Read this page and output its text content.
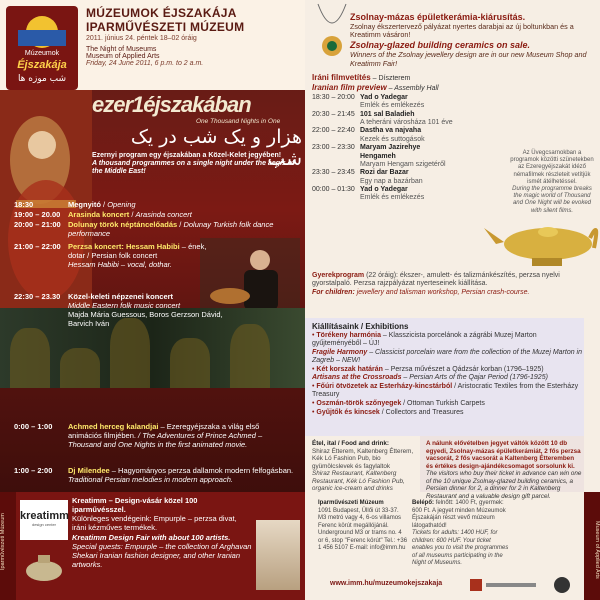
Múzeumok
Éjszakája
شب موزه ها
MÚZEUMOK ÉJSZAKÁJA
IPARMŰVÉSZETI MÚZEUM
2011. június 24. péntek 18–02 óráig
The Night of Museums
Museum of Applied Arts
Friday, 24 June 2011, 6 p.m. to 2 a.m.
ezer1éjszakában
One Thousand Nights in One
هزار و یک شب در یک شب
Ezernyi program egy éjszakában a Közel-Kelet jegyében!
A thousand programmes on a single night under the aegis of the Middle East!
18:30	Megnyitó / Opening
19:00 – 20.00 Arasinda koncert / Arasinda concert
20:00 – 21:00 Dolunay török néptáncelőadás / Dolunay Turkish folk dance performance
21:00 – 22:00 Perzsa koncert: Hessam Habibi – ének, dotar / Persian folk concert
Hessam Habibi – vocal, dothar.
22:30 – 23.30 Közel-keleti népzenei koncert
Middle Eastern folk music concert
Majda Mária Guessous, Boros Gerzson Dávid, Barvich Iván
0:00 – 1:00 Achmed herceg kalandjai – Ezeregyéjszaka a világ első animációs filmjében. / The Adventures of Prince Achmed – Thousand and One Nights in the first animated movie.
1:00 – 2:00 Dj Milendee – Hagyományos perzsa dallamok modern felfogásban.
Traditional Persian melodies in modern approach.
Iparművészeti Múzeum	kreatimm
design center
Kreatimm – Design-vásár közel 100 iparművésszel.
Különleges vendégeink: Empurple – perzsa divat, iráni kézműves termékek.
Kreatimm Design Fair with about 100 artists.
Special guests: Empurple – the collection of Arghavan Shekari Iranian fashion designer, and other Iranian artworks.
Zsolnay-mázas épületkerámia-kiárusítás.
Zsolnay ékszertervező pályázat nyertes darabjai az új boltunkban és a Kreatimm vásáron!
Zsolnay-glazed building ceramics on sale.
Winners of the Zsolnay jewellery design are in our new Museum Shop and Kreatimm Fair!
Iráni filmvetítés – Díszterem
Iranian film preview – Assembly Hall
18:30 – 20:00 Yad o Yadegar
Emlék és emlékezés
20:30 – 21:45 101 sal Baladieh
A teheráni városháza 101 éve
22:00 – 22:40 Dastha va najvaha
Kezek és suttogások
23:00 – 23:30 Maryam Jazirehye Hengameh
Maryam Hengam szigetéről
23:30 – 23:45 Rozi dar Bazar
Egy nap a bazárban
00:00 – 01:30 Yad o Yadegar
Emlék és emlékezés
Az Üvegcsarnokban a programok közötti szünetekben az Ezeregyéjszakát idéző némafilmek részleteit vetítjük ismét átélhetéssel.
During the programme breaks the magic world of Thousand and One Night will be evoked with silent films.
Gyerekprogram (22 óráig): ékszer-, amulett- és talizmánkészítés, perzsa nyelvi gyorstalpaló. Perzsa rajzpályázat nyerteseinek kiállítása.
For children: jewellery and talisman workshop, Persian crash-course.
Kiállításaink / Exhibitions
• Törékeny harmónia – Klasszicista porcelánok a zágrábi Muzej Marton gyűjteményéből – ÚJ!
Fragile Harmony – Classicist porcelain ware from the collection of the Muzej Marton in Zagreb – NEW!
• Két korszak határán – Perzsa művészet a Qádzsár korban (1796–1925)
Artisans at the Crossroads – Persian Arts of the Qajar Period (1796-1925)
• Főúri ötvözetek az Esterházy-kincstárból / Aristocratic Textiles from the Esterházy Treasury
• Oszmán-török szőnyegek / Ottoman Turkish Carpets
• Gyűjtők és kincsek / Collectors and Treasures
Étel, ital / Food and drink:
Shiraz Étterem, Kaltenberg Étterem, Kék Ló Fashion Pub, bio gyümölcslevek és fagylaltok
Shiraz Restaurant, Kaltenberg Restaurant, Kék Ló Fashion Pub, organic ice-cream and drinks
A nálunk elővételben jegyet váltók között 10 db egyedi, Zsolnay-mázas épületkerámiát, 2 fős perzsa vacsorát, 2 fős vacsorát a Kaltenberg Étteremben és értékes design-ajándékcsomagot sorsolunk ki.
The visitors who buy their ticket in advance can win one of the 10 unique Zsolnay-glazed building ceramics, a Persian dinner for 2, a dinner for 2 in Kaltenberg Restaurant and a valuable design gift parcel.
Iparművészeti Múzeum
1091 Budapest, Üllői út 33-37. M3 metró vagy 4, 6-os villamos Ferenc körút megállójánál. Underground M3 or trams no. 4 or 6, stop "Ferenc körút" Tel.: +36 1 456 5107 E-mail: info@imm.hu
Belépő: felnőtt: 1400 Ft, gyermek: 600 Ft. A jegyet minden Múzeumok Éjszakáján részt vevő múzeum látogathatód!
Tickets for adults: 1400 HUF, for children: 600 HUF. Your ticket enables you to visit the programmes of all museums participating in the Night of Museums.
www.imm.hu/muzeumokejszakaja
Museum of Applied Arts
